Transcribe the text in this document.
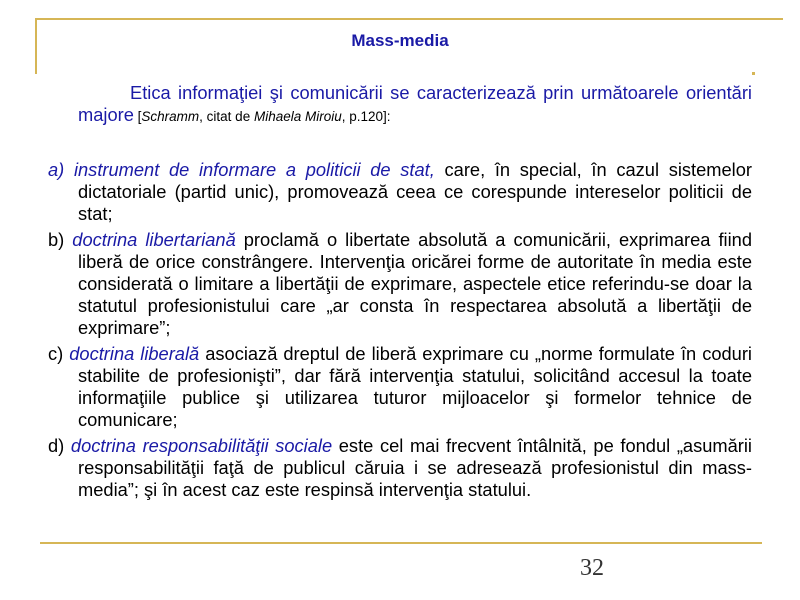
Mass-media

Etica informaţiei şi comunicării se caracterizează prin următoarele orientări majore [Schramm, citat de Mihaela Miroiu, p.120]:

a) instrument de informare a politicii de stat, care, în special, în cazul sistemelor dictatoriale (partid unic), promovează ceea ce corespunde intereselor politicii de stat;

b) doctrina libertariană proclamă o libertate absolută a comunicării, exprimarea fiind liberă de orice constrângere. Intervenţia oricărei forme de autoritate în media este considerată o limitare a libertăţii de exprimare, aspectele etice referindu-se doar la statutul profesionistului care „ar consta în respectarea absolută a libertăţii de exprimare”;

c) doctrina liberală asociază dreptul de liberă exprimare cu „norme formulate în coduri stabilite de profesionişti”, dar fără intervenţia statului, solicitând accesul la toate informaţiile publice şi utilizarea tuturor mijloacelor şi formelor tehnice de comunicare;

d) doctrina responsabilităţii sociale este cel mai frecvent întâlnită, pe fondul „asumării responsabilităţii faţă de publicul căruia i se adresează profesionistul din mass-media”; şi în acest caz este respinsă intervenţia statului.

32
